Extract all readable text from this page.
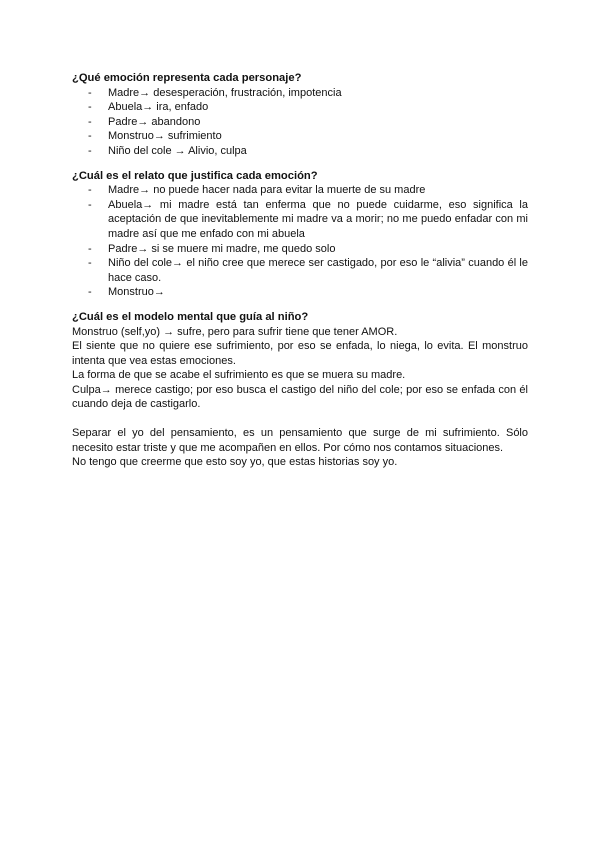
¿Qué emoción representa cada personaje?
- Madre→ desesperación, frustración, impotencia
- Abuela→ ira, enfado
- Padre→ abandono
- Monstruo→ sufrimiento
- Niño del cole → Alivio, culpa
¿Cuál es el relato que justifica cada emoción?
- Madre→ no puede hacer nada para evitar la muerte de su madre
- Abuela→ mi madre está tan enferma que no puede cuidarme, eso significa la aceptación de que inevitablemente mi madre va a morir; no me puedo enfadar con mi madre así que me enfado con mi abuela
- Padre→ si se muere mi madre, me quedo solo
- Niño del cole→ el niño cree que merece ser castigado, por eso le “alivia” cuando él le hace caso.
- Monstruo→
¿Cuál es el modelo mental que guía al niño?

Monstruo (self,yo) → sufre, pero para sufrir tiene que tener AMOR.

El siente que no quiere ese sufrimiento, por eso se enfada, lo niega, lo evita. El monstruo intenta que vea estas emociones.

La forma de que se acabe el sufrimiento es que se muera su madre.

Culpa→ merece castigo; por eso busca el castigo del niño del cole; por eso se enfada con él cuando deja de castigarlo.

Separar el yo del pensamiento, es un pensamiento que surge de mi sufrimiento. Sólo necesito estar triste y que me acompañen en ellos. Por cómo nos contamos situaciones.

No tengo que creerme que esto soy yo, que estas historias soy yo.
